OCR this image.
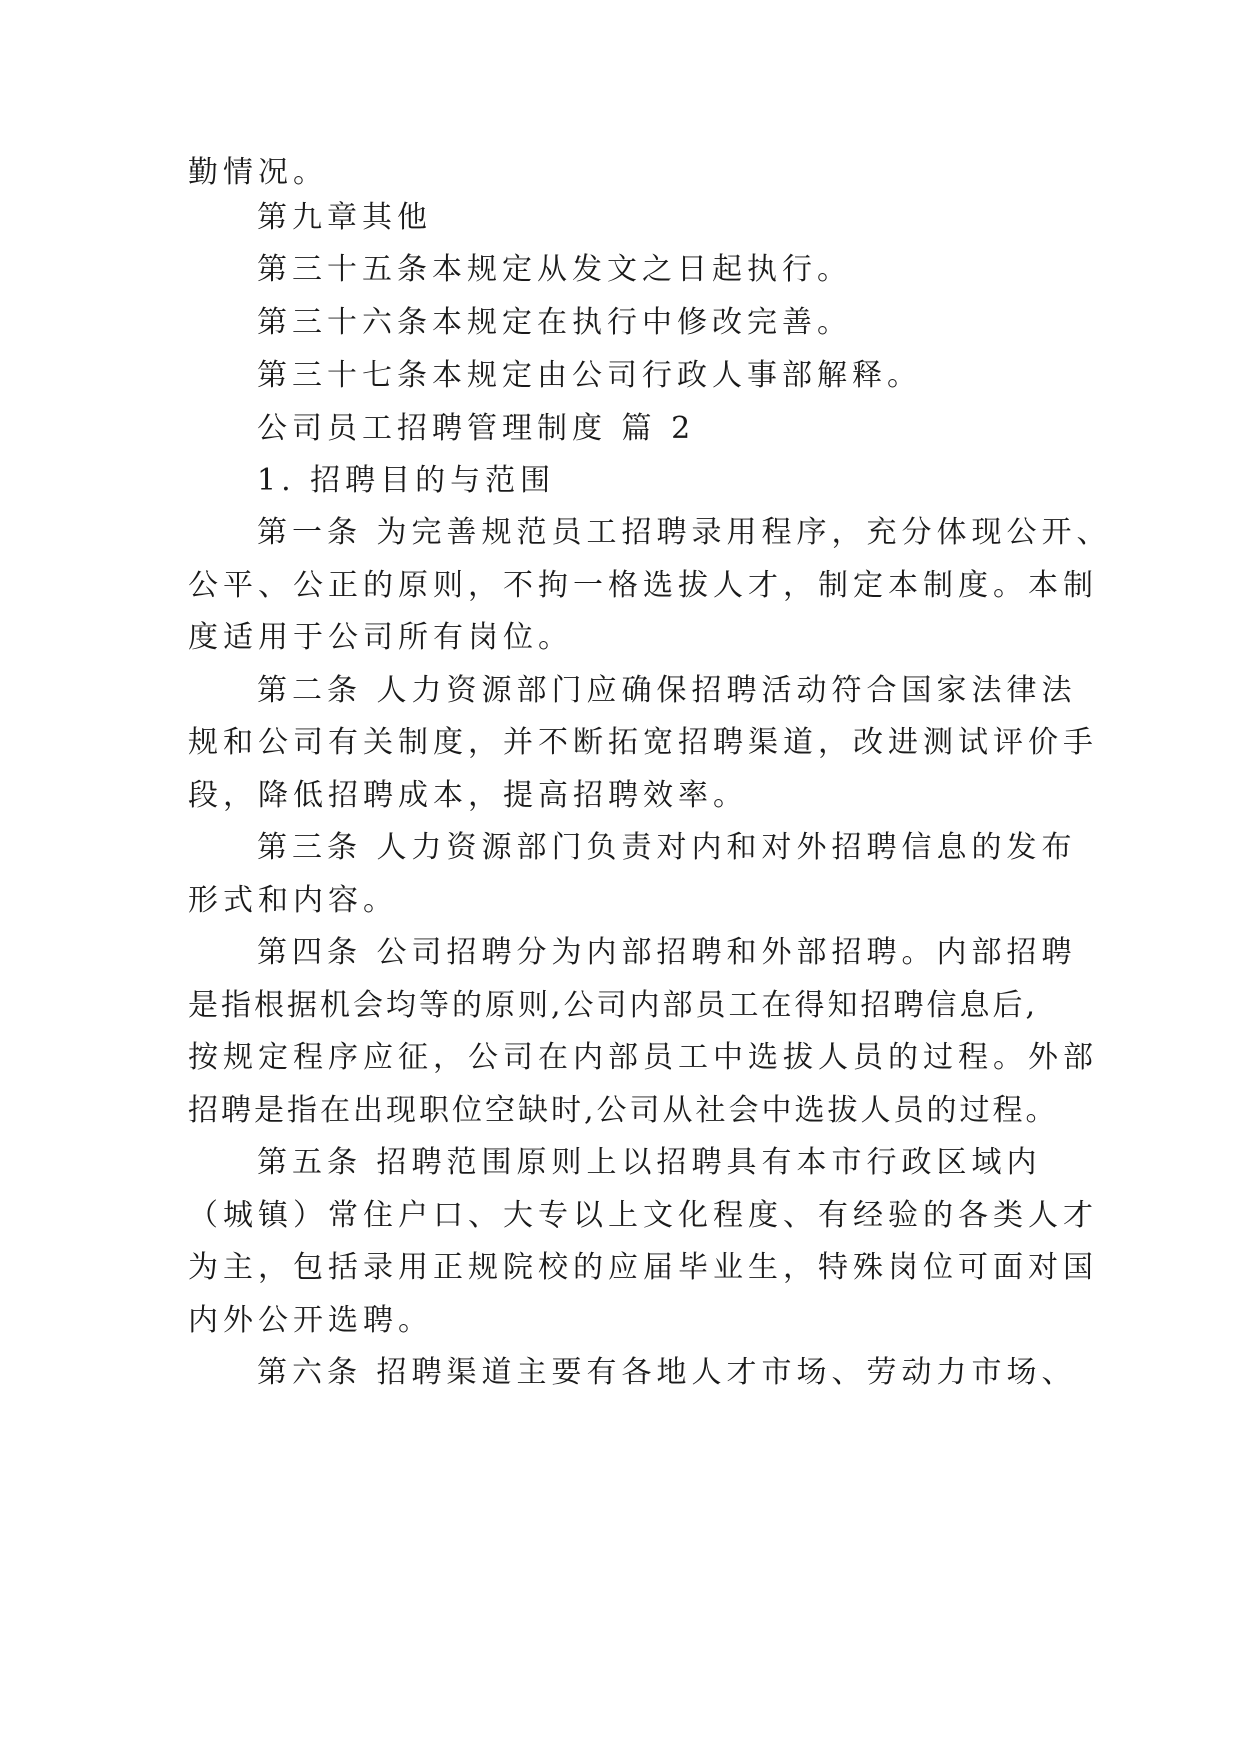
勤情况。

第九章其他

第三十五条本规定从发文之日起执行。

第三十六条本规定在执行中修改完善。

第三十七条本规定由公司行政人事部解释。

公司员工招聘管理制度 篇 2

1. 招聘目的与范围

第一条 为完善规范员工招聘录用程序，充分体现公开、

公平、公正的原则，不拘一格选拔人才，制定本制度。本制

度适用于公司所有岗位。

第二条 人力资源部门应确保招聘活动符合国家法律法

规和公司有关制度，并不断拓宽招聘渠道，改进测试评价手

段，降低招聘成本，提高招聘效率。

第三条 人力资源部门负责对内和对外招聘信息的发布

形式和内容。

第四条 公司招聘分为内部招聘和外部招聘。内部招聘

是指根据机会均等的原则,公司内部员工在得知招聘信息后,

按规定程序应征，公司在内部员工中选拔人员的过程。外部

招聘是指在出现职位空缺时,公司从社会中选拔人员的过程。

第五条 招聘范围原则上以招聘具有本市行政区域内

（城镇）常住户口、大专以上文化程度、有经验的各类人才

为主，包括录用正规院校的应届毕业生，特殊岗位可面对国

内外公开选聘。

第六条 招聘渠道主要有各地人才市场、劳动力市场、
